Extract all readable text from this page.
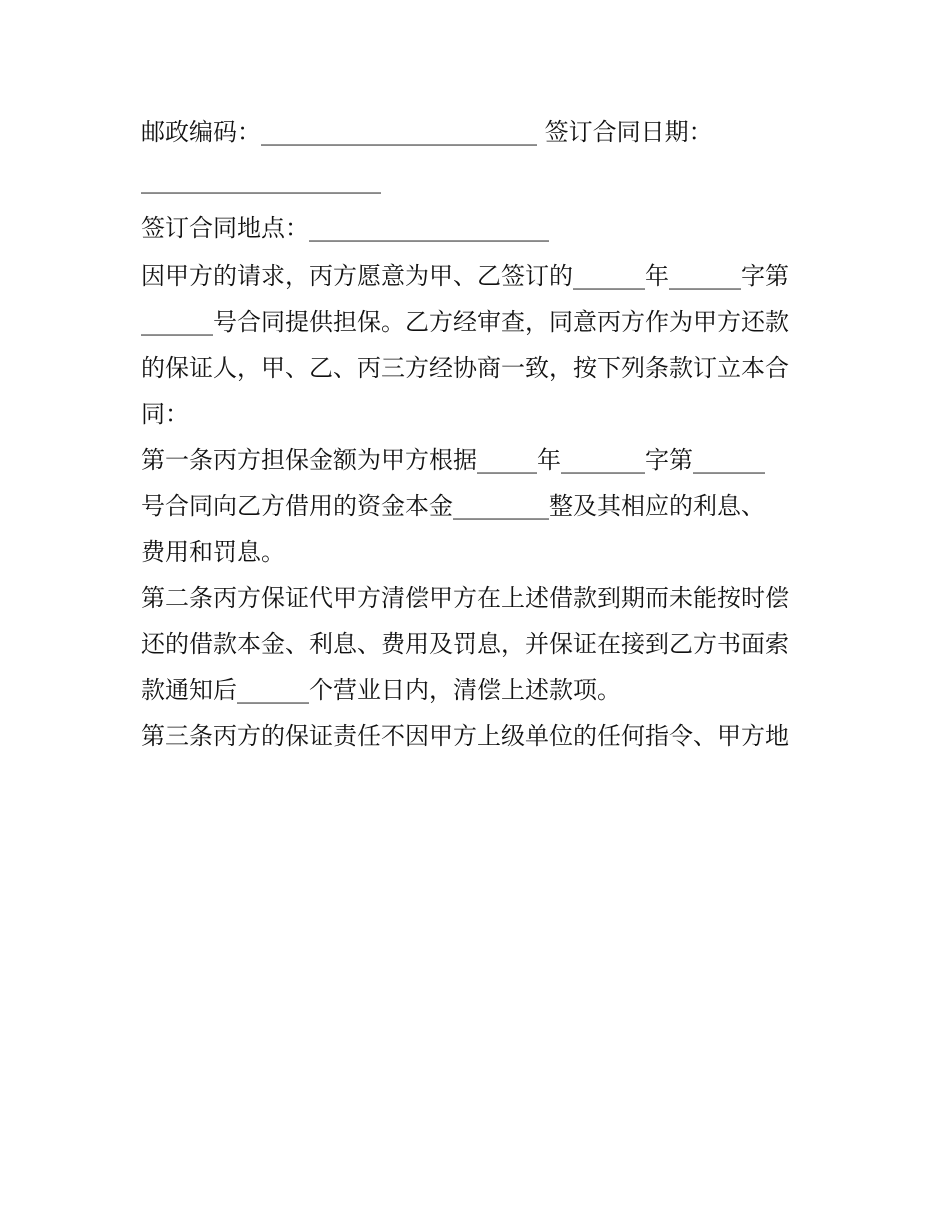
邮政编码：_______________________ 签订合同日期：
____________________
签订合同地点：____________________
因甲方的请求，丙方愿意为甲、乙签订的______年______字第
______号合同提供担保。乙方经审查，同意丙方作为甲方还款
的保证人，甲、乙、丙三方经协商一致，按下列条款订立本合
同：
第一条丙方担保金额为甲方根据_____年_______字第______
号合同向乙方借用的资金本金________整及其相应的利息、
费用和罚息。
第二条丙方保证代甲方清偿甲方在上述借款到期而未能按时偿
还的借款本金、利息、费用及罚息，并保证在接到乙方书面索
款通知后______个营业日内，清偿上述款项。
第三条丙方的保证责任不因甲方上级单位的任何指令、甲方地
